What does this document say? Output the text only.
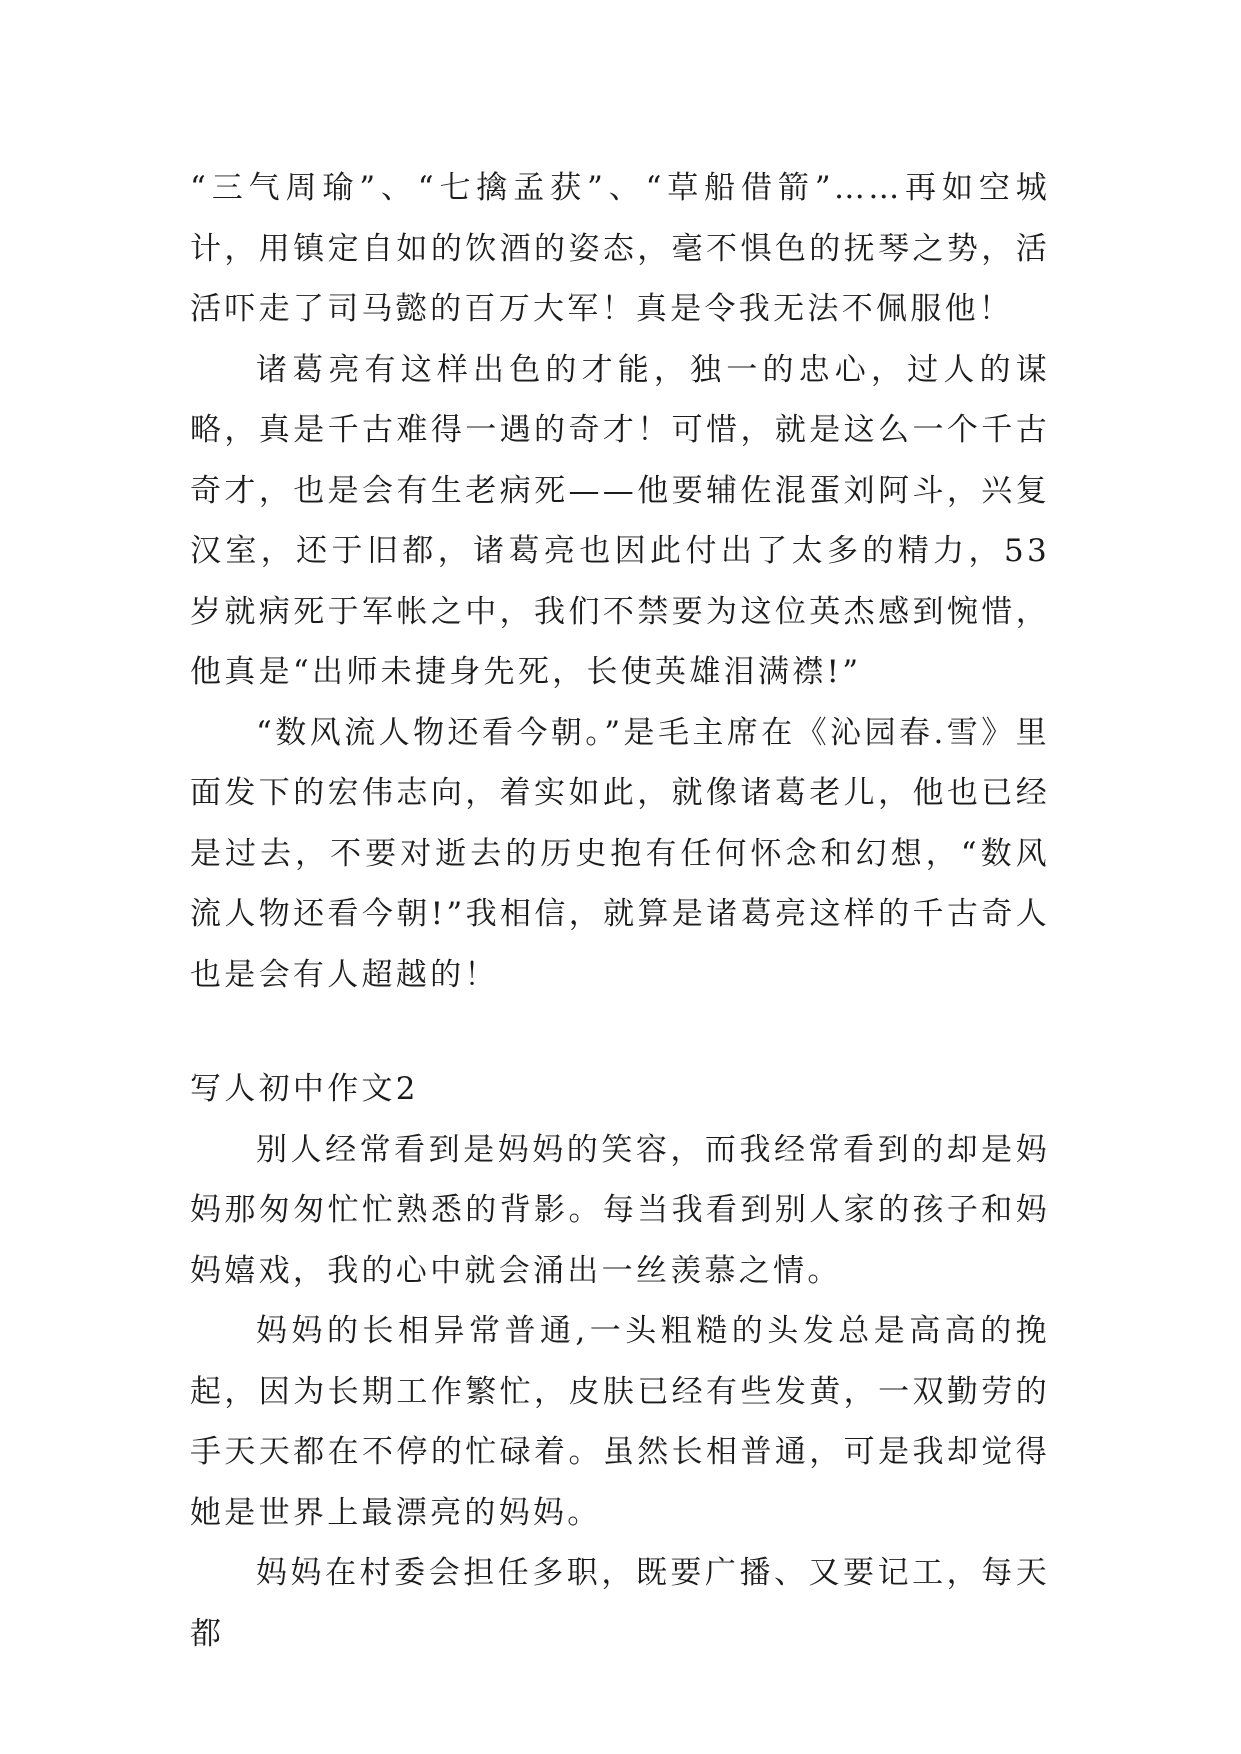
“三气周瑜”、“七擒孟获”、“草船借箭”……再如空城计，用镇定自如的饮酒的姿态，毫不惧色的抚琴之势，活活吓走了司马懿的百万大军！真是令我无法不佩服他！

诸葛亮有这样出色的才能，独一的忠心，过人的谋略，真是千古难得一遇的奇才！可惜，就是这么一个千古奇才，也是会有生老病死——他要辅佐混蛋刘阿斗，兴复汉室，还于旧都，诸葛亮也因此付出了太多的精力，53岁就病死于军帐之中，我们不禁要为这位英杰感到惋惜，他真是“出师未捷身先死，长使英雄泪满襟!”

“数风流人物还看今朝。”是毛主席在《沁园春.雪》里面发下的宏伟志向，着实如此，就像诸葛老儿，他也已经是过去，不要对逝去的历史抱有任何怀念和幻想，“数风流人物还看今朝!”我相信，就算是诸葛亮这样的千古奇人也是会有人超越的！

写人初中作文2

别人经常看到是妈妈的笑容，而我经常看到的却是妈妈那匆匆忙忙熟悉的背影。每当我看到别人家的孩子和妈妈嬉戏，我的心中就会涌出一丝羡慕之情。

妈妈的长相异常普通,一头粗糙的头发总是高高的挽起，因为长期工作繁忙，皮肤已经有些发黄，一双勤劳的手天天都在不停的忙碌着。虽然长相普通，可是我却觉得她是世界上最漂亮的妈妈。

妈妈在村委会担任多职，既要广播、又要记工，每天都
